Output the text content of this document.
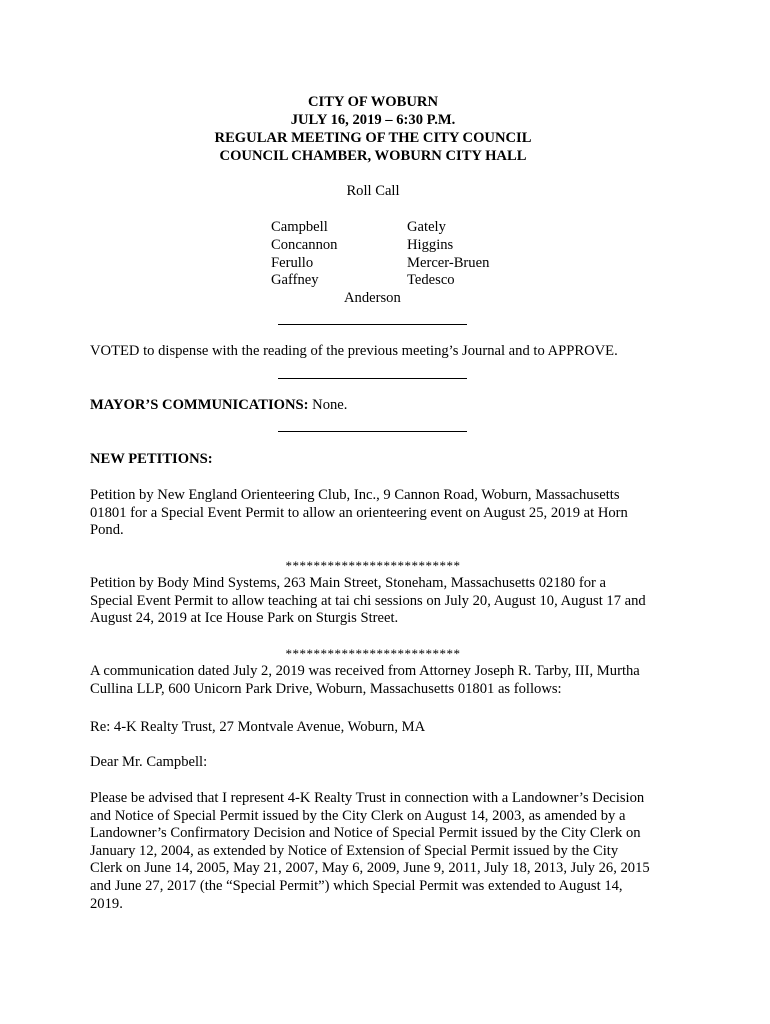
CITY OF WOBURN
JULY 16, 2019 – 6:30 P.M.
REGULAR MEETING OF THE CITY COUNCIL
COUNCIL CHAMBER, WOBURN CITY HALL
Roll Call
Campbell
Concannon
Ferullo
Gaffney
Gately
Higgins
Mercer-Bruen
Tedesco
Anderson
VOTED to dispense with the reading of the previous meeting’s Journal and to APPROVE.
MAYOR’S COMMUNICATIONS: None.
NEW PETITIONS:
Petition by New England Orienteering Club, Inc., 9 Cannon Road, Woburn, Massachusetts 01801 for a Special Event Permit to allow an orienteering event on August 25, 2019 at Horn Pond.
*************************
Petition by Body Mind Systems, 263 Main Street, Stoneham, Massachusetts 02180 for a Special Event Permit to allow teaching at tai chi sessions on July 20, August 10, August 17 and August 24, 2019 at Ice House Park on Sturgis Street.
*************************
A communication dated July 2, 2019 was received from Attorney Joseph R. Tarby, III, Murtha Cullina LLP, 600 Unicorn Park Drive, Woburn, Massachusetts 01801 as follows:
Re: 4-K Realty Trust, 27 Montvale Avenue, Woburn, MA
Dear Mr. Campbell:
Please be advised that I represent 4-K Realty Trust in connection with a Landowner’s Decision and Notice of Special Permit issued by the City Clerk on August 14, 2003, as amended by a Landowner’s Confirmatory Decision and Notice of Special Permit issued by the City Clerk on January 12, 2004, as extended by Notice of Extension of Special Permit issued by the City Clerk on June 14, 2005, May 21, 2007, May 6, 2009, June 9, 2011, July 18, 2013, July 26, 2015 and June 27, 2017 (the “Special Permit”) which Special Permit was extended to August 14, 2019.
